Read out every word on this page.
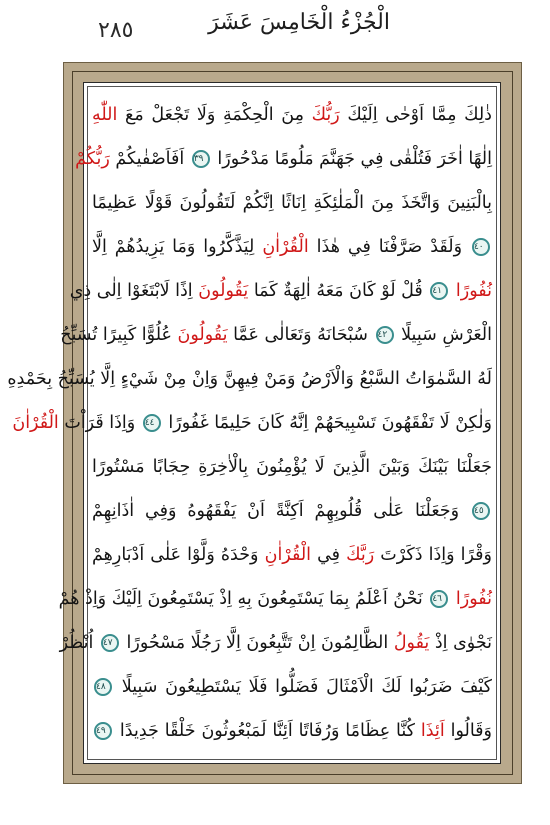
٢٨٥	الْجُزْءُ الْخَامِسَ عَشَرَ
ذٰلِكَ مِمَّا اَوْحٰى اِلَيْكَ رَبُّكَ مِنَ الْحِكْمَةِ وَلَا تَجْعَلْ مَعَ اللّٰهِ
اِلٰهًا اٰخَرَ فَتُلْقٰى فِي جَهَنَّمَ مَلُومًا مَدْحُورًا ٣٩ اَفَاَصْفٰيكُمْ رَبُّكُمْ
بِالْبَنِينَ وَاتَّخَذَ مِنَ الْمَلٰئِكَةِ اِنَاثًا اِنَّكُمْ لَتَقُولُونَ قَوْلًا عَظِيمًا
٤٠ وَلَقَدْ صَرَّفْنَا فِي هٰذَا الْقُرْاٰنِ لِيَذَّكَّرُوا وَمَا يَزِيدُهُمْ اِلَّا
نُفُورًا ٤١ قُلْ لَوْ كَانَ مَعَهُ اٰلِهَةٌ كَمَا يَقُولُونَ اِذًا لَابْتَغَوْا اِلٰى ذِي
الْعَرْشِ سَبِيلًا ٤٢ سُبْحَانَهُ وَتَعَالٰى عَمَّا يَقُولُونَ عُلُوًّا كَبِيرًا تُسَبِّحُ
لَهُ السَّمٰوَاتُ السَّبْعُ وَالْاَرْضُ وَمَنْ فِيهِنَّ وَاِنْ مِنْ شَيْءٍ اِلَّا يُسَبِّحُ بِحَمْدِهِ
وَلٰكِنْ لَا تَفْقَهُونَ تَسْبِيحَهُمْ اِنَّهُ كَانَ حَلِيمًا غَفُورًا ٤٤ وَاِذَا قَرَاْتَ الْقُرْاٰنَ
جَعَلْنَا بَيْنَكَ وَبَيْنَ الَّذِينَ لَا يُؤْمِنُونَ بِالْاٰخِرَةِ حِجَابًا مَسْتُورًا
٤٥ وَجَعَلْنَا عَلٰى قُلُوبِهِمْ اَكِنَّةً اَنْ يَفْقَهُوهُ وَفِي اٰذَانِهِمْ
وَقْرًا وَاِذَا ذَكَرْتَ رَبَّكَ فِي الْقُرْاٰنِ وَحْدَهُ وَلَّوْا عَلٰى اَدْبَارِهِمْ
نُفُورًا ٤٦ نَحْنُ اَعْلَمُ بِمَا يَسْتَمِعُونَ بِهِ اِذْ يَسْتَمِعُونَ اِلَيْكَ وَاِذْ هُمْ
نَجْوٰى اِذْ يَقُولُ الظَّالِمُونَ اِنْ تَتَّبِعُونَ اِلَّا رَجُلًا مَسْحُورًا ٤٧ اُنْظُرْ
كَيْفَ ضَرَبُوا لَكَ الْاَمْثَالَ فَضَلُّوا فَلَا يَسْتَطِيعُونَ سَبِيلًا ٤٨
وَقَالُوا اَئِذَا كُنَّا عِظَامًا وَرُفَاتًا اَئِنَّا لَمَبْعُوثُونَ خَلْقًا جَدِيدًا ٤٩
